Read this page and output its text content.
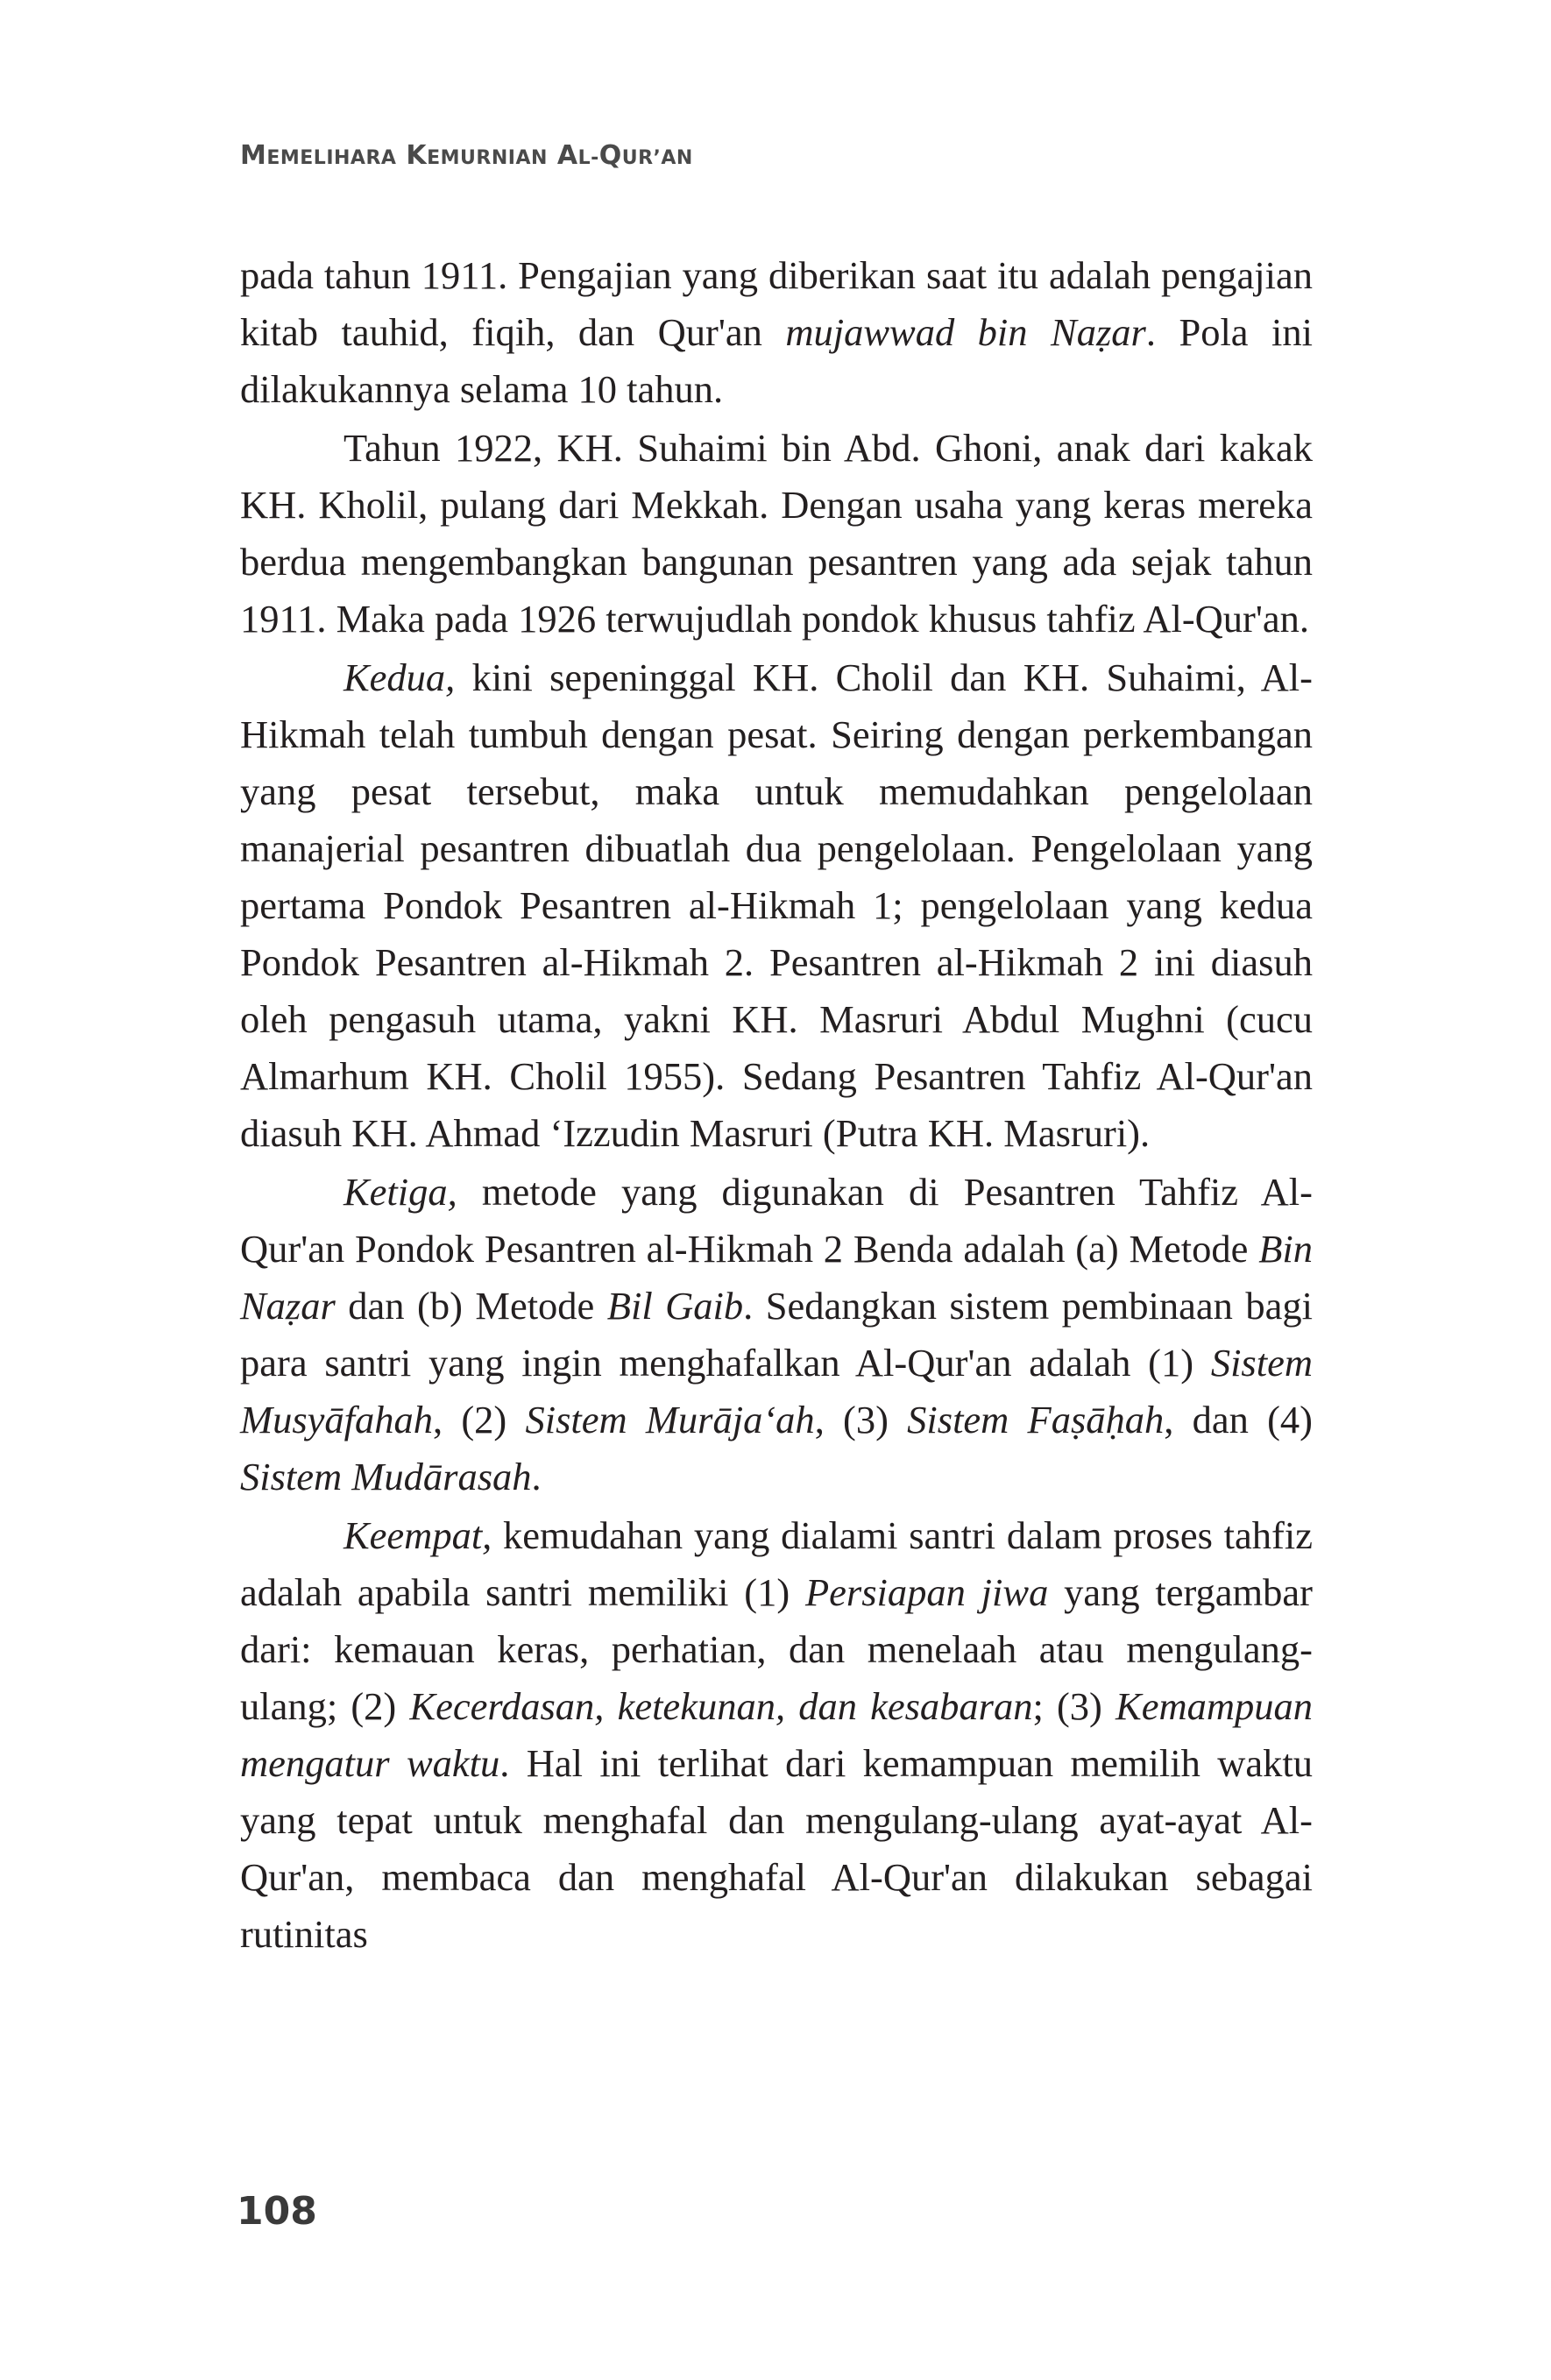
MEMELIHARA KEMURNIAN AL-QUR’AN

pada tahun 1911. Pengajian yang diberikan saat itu adalah pengajian kitab tauhid, fiqih, dan Qur'an mujawwad bin Naẓar. Pola ini dilakukannya selama 10 tahun.

Tahun 1922, KH. Suhaimi bin Abd. Ghoni, anak dari kakak KH. Kholil, pulang dari Mekkah. Dengan usaha yang keras mereka berdua mengembangkan bangunan pesantren yang ada sejak tahun 1911. Maka pada 1926 terwujudlah pondok khusus tahfiz Al-Qur'an.

Kedua, kini sepeninggal KH. Cholil dan KH. Suhaimi, Al-Hikmah telah tumbuh dengan pesat. Seiring dengan perkembangan yang pesat tersebut, maka untuk memudahkan pengelolaan manajerial pesantren dibuatlah dua pengelolaan. Pengelolaan yang pertama Pondok Pesantren al-Hikmah 1; pengelolaan yang kedua Pondok Pesantren al-Hikmah 2. Pesantren al-Hikmah 2 ini diasuh oleh pengasuh utama, yakni KH. Masruri Abdul Mughni (cucu Almarhum KH. Cholil 1955). Sedang Pesantren Tahfiz Al-Qur'an diasuh KH. Ahmad ‘Izzudin Masruri (Putra KH. Masruri).

Ketiga, metode yang digunakan di Pesantren Tahfiz Al-Qur'an Pondok Pesantren al-Hikmah 2 Benda adalah (a) Metode Bin Naẓar dan (b) Metode Bil Gaib. Sedangkan sistem pembinaan bagi para santri yang ingin menghafalkan Al-Qur'an adalah (1) Sistem Musyāfahah, (2) Sistem Murāja‘ah, (3) Sistem Faṣāḥah, dan (4) Sistem Mudārasah.

Keempat, kemudahan yang dialami santri dalam proses tahfiz adalah apabila santri memiliki (1) Persiapan jiwa yang tergambar dari: kemauan keras, perhatian, dan menelaah atau mengulang-ulang; (2) Kecerdasan, ketekunan, dan kesabaran; (3) Kemampuan mengatur waktu. Hal ini terlihat dari kemampuan memilih waktu yang tepat untuk menghafal dan mengulang-ulang ayat-ayat Al-Qur'an, membaca dan menghafal Al-Qur'an dilakukan sebagai rutinitas

108
